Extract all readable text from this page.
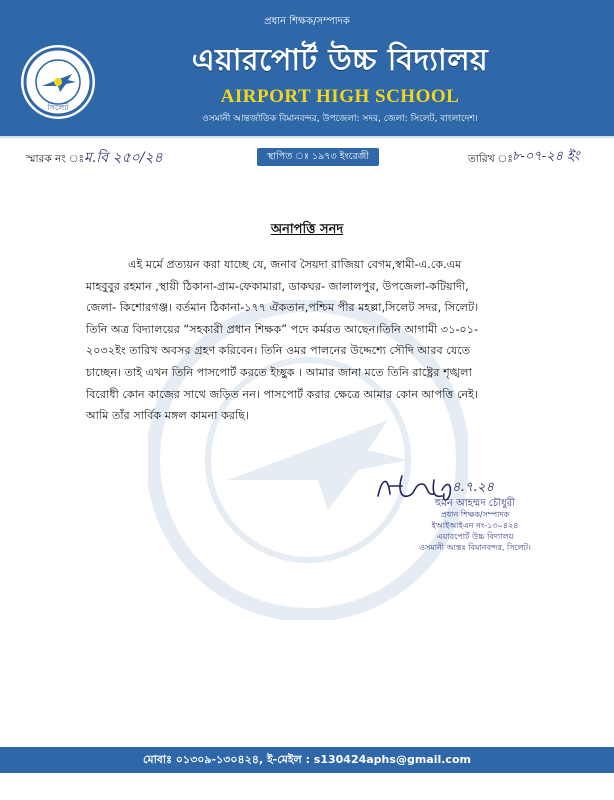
সিলেট
প্রধান শিক্ষক/সম্পাদক
এয়ারপোর্ট উচ্চ বিদ্যালয়
AIRPORT HIGH SCHOOL
ওসমানী আন্তর্জাতিক বিমানবন্দর, উপজেলা: সদর, জেলা: সিলেট, বাংলাদেশ।
স্থাপিত ঃ ১৯৭৩ ইংরেজী
স্মারক নং ঃ ম.বি ২৫০/২৪	তারিখ ঃ ৮-০৭-২৪ ইং
অনাপত্তি সনদ
এই মর্মে প্রত্যয়ন করা যাচ্ছে যে, জনাব সৈয়দা রাজিয়া বেগম,স্বামী-এ.কে.এম
মাহবুবুর রহমান ,স্থায়ী ঠিকানা-গ্রাম-ফেকামারা, ডাকঘর- জালালপুর, উপজেলা-কটিয়াদী,
জেলা- কিশোরগঞ্জ। বর্তমান ঠিকানা-১৭৭ ঐকতান,পশ্চিম পীর মহল্লা,সিলেট সদর, সিলেট।
তিনি অত্র বিদ্যালয়ের “সহকারী প্রধান শিক্ষক” পদে কর্মরত আছেন।তিনি আগামী ৩১-০১-
২০৩২ইং তারিখ অবসর গ্রহণ করিবেন। তিনি ওমর পালনের উদ্দেশ্যে সৌদি আরব যেতে
চাচ্ছেন। তাই এখন তিনি পাসপোর্ট করতে ইচ্ছুক । আমার জানা মতে তিনি রাষ্ট্রের শৃঙ্খলা
বিরোধী কোন কাজের সাথে জড়িত নন। পাসপোর্ট করার ক্ষেত্রে আমার কোন আপত্তি নেই।
আমি তাঁর সার্বিক মঙ্গল কামনা করছি।
৪.৭.২৪
হুমন আহম্মদ চৌধুরী
প্রধান শিক্ষক/সম্পাদক
ইআইআইএন নং-১৩০৪২৪
এয়ারপোর্ট উচ্চ বিদ্যালয়
ওসমানী আন্তঃ বিমানবন্দর, সিলেট।
মোবাঃ ০১৩০৯-১৩০৪২৪, ই-মেইল : s130424aphs@gmail.com
